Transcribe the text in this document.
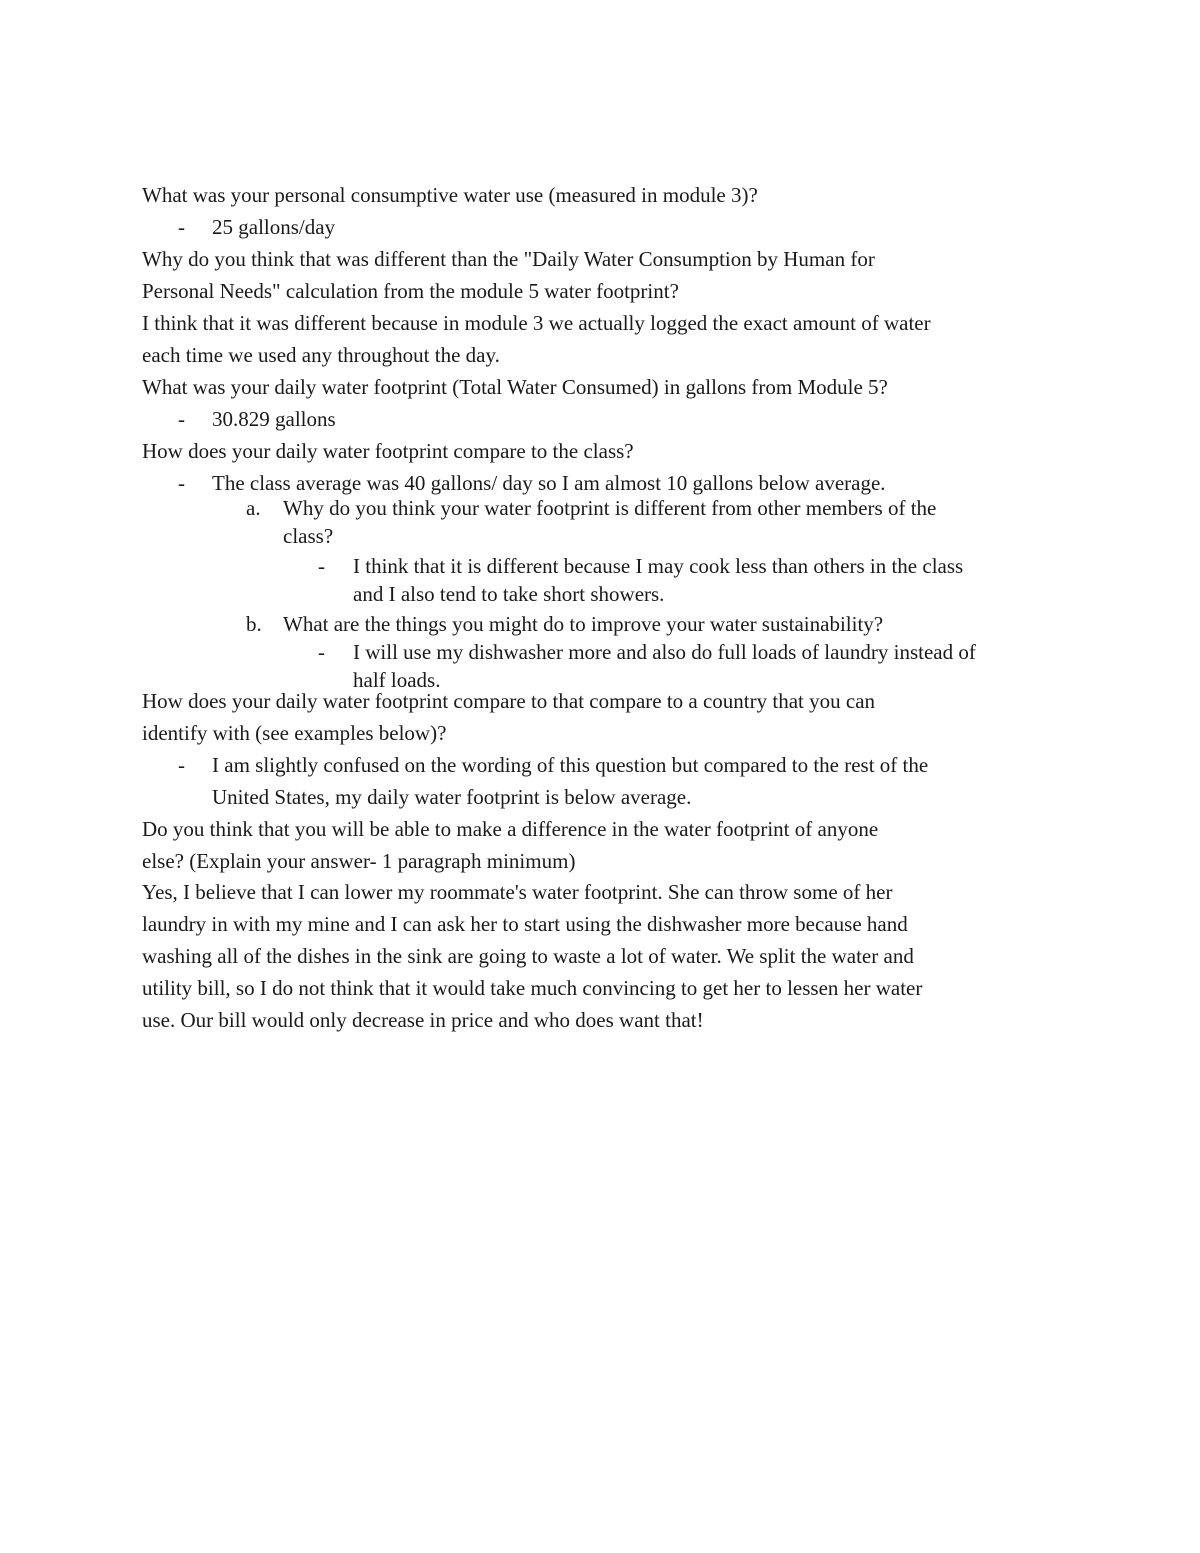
What was your personal consumptive water use (measured in module 3)?
- 25 gallons/day
Why do you think that was different than the "Daily Water Consumption by Human for
Personal Needs" calculation from the module 5 water footprint?
I think that it was different because in module 3 we actually logged the exact amount of water
each time we used any throughout the day.
What was your daily water footprint (Total Water Consumed) in gallons from Module 5?
- 30.829 gallons
How does your daily water footprint compare to the class?
- The class average was 40 gallons/ day so I am almost 10 gallons below average.
a. Why do you think your water footprint is different from other members of the
class?
- I think that it is different because I may cook less than others in the class
and I also tend to take short showers.
b. What are the things you might do to improve your water sustainability?
- I will use my dishwasher more and also do full loads of laundry instead of
half loads.
How does your daily water footprint compare to that compare to a country that you can
identify with (see examples below)?
- I am slightly confused on the wording of this question but compared to the rest of the
United States, my daily water footprint is below average.
Do you think that you will be able to make a difference in the water footprint of anyone
else? (Explain your answer- 1 paragraph minimum)
Yes, I believe that I can lower my roommate's water footprint. She can throw some of her
laundry in with my mine and I can ask her to start using the dishwasher more because hand
washing all of the dishes in the sink are going to waste a lot of water. We split the water and
utility bill, so I do not think that it would take much convincing to get her to lessen her water
use. Our bill would only decrease in price and who does want that!
